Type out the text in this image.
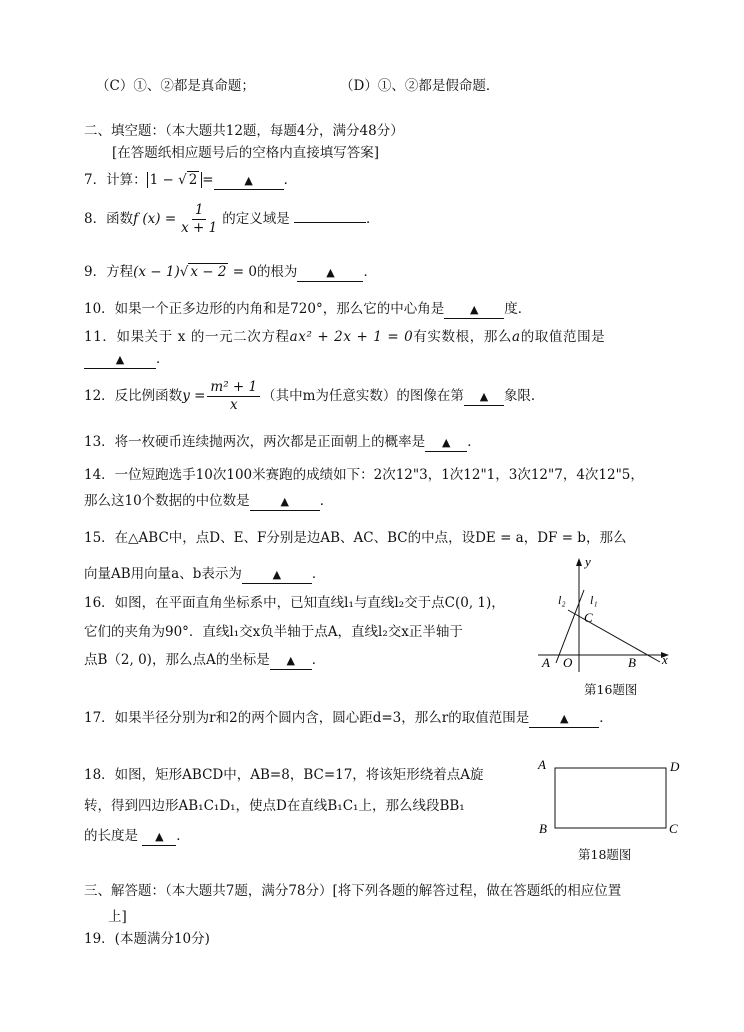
（C）①、②都是真命题；	（D）①、②都是假命题．
二、填空题：（本大题共12题，每题4分，满分48分）
[在答题纸相应题号后的空格内直接填写答案]
7．计算： 1 − √ 2 =	▲ ．
8．函数f $(x) = \frac{1}{x + 1}$ 的定义域是	．
9．方程(x − 1)√ x − 2 = 0的根为	▲ ．
10．如果一个正多边形的内角和是720°，那么它的中心角是 ▲ 度．
11．如果关于 x 的一元二次方程ax² + 2x + 1 = 0有实数根，那么a的取值范围是
▲ ．
12．反比例函数$y = \frac{\text{m² + 1}}{x}$ （其中m为任意实数）的图像在第 ▲ 象限．
13．将一枚硬币连续抛两次，两次都是正面朝上的概率是 ▲ ．
14．一位短跑选手10次100米赛跑的成绩如下：2次12"3，1次12"1，3次12"7，4次12"5，
那么这10个数据的中位数是	▲ ．
15．在△ABC中，点D、E、F分别是边AB、AC、BC的中点，设DE = a，DF = b，那么
向量AB用向量a、b表示为	▲ ．
16．如图，在平面直角坐标系中，已知直线l₁与直线l₂交于点C(0, 1)，
它们的夹角为90°．直线l₁交x负半轴于点A，直线l₂交x正半轴于
点B（2, 0)，那么点A的坐标是 ▲ ．
y
x
l₂ l₁
C
A O	B
第16题图
17．如果半径分别为r和2的两个圆内含，圆心距d=3，那么r的取值范围是	▲ ．
18．如图，矩形ABCD中，AB=8，BC=17，将该矩形绕着点A旋
转，得到四边形AB₁C₁D₁，使点D在直线B₁C₁上，那么线段BB₁
的长度是 ▲ ．
A	D
B	C
第18题图
三、解答题：（本大题共7题，满分78分）[将下列各题的解答过程，做在答题纸的相应位置
上]
19．(本题满分10分)
